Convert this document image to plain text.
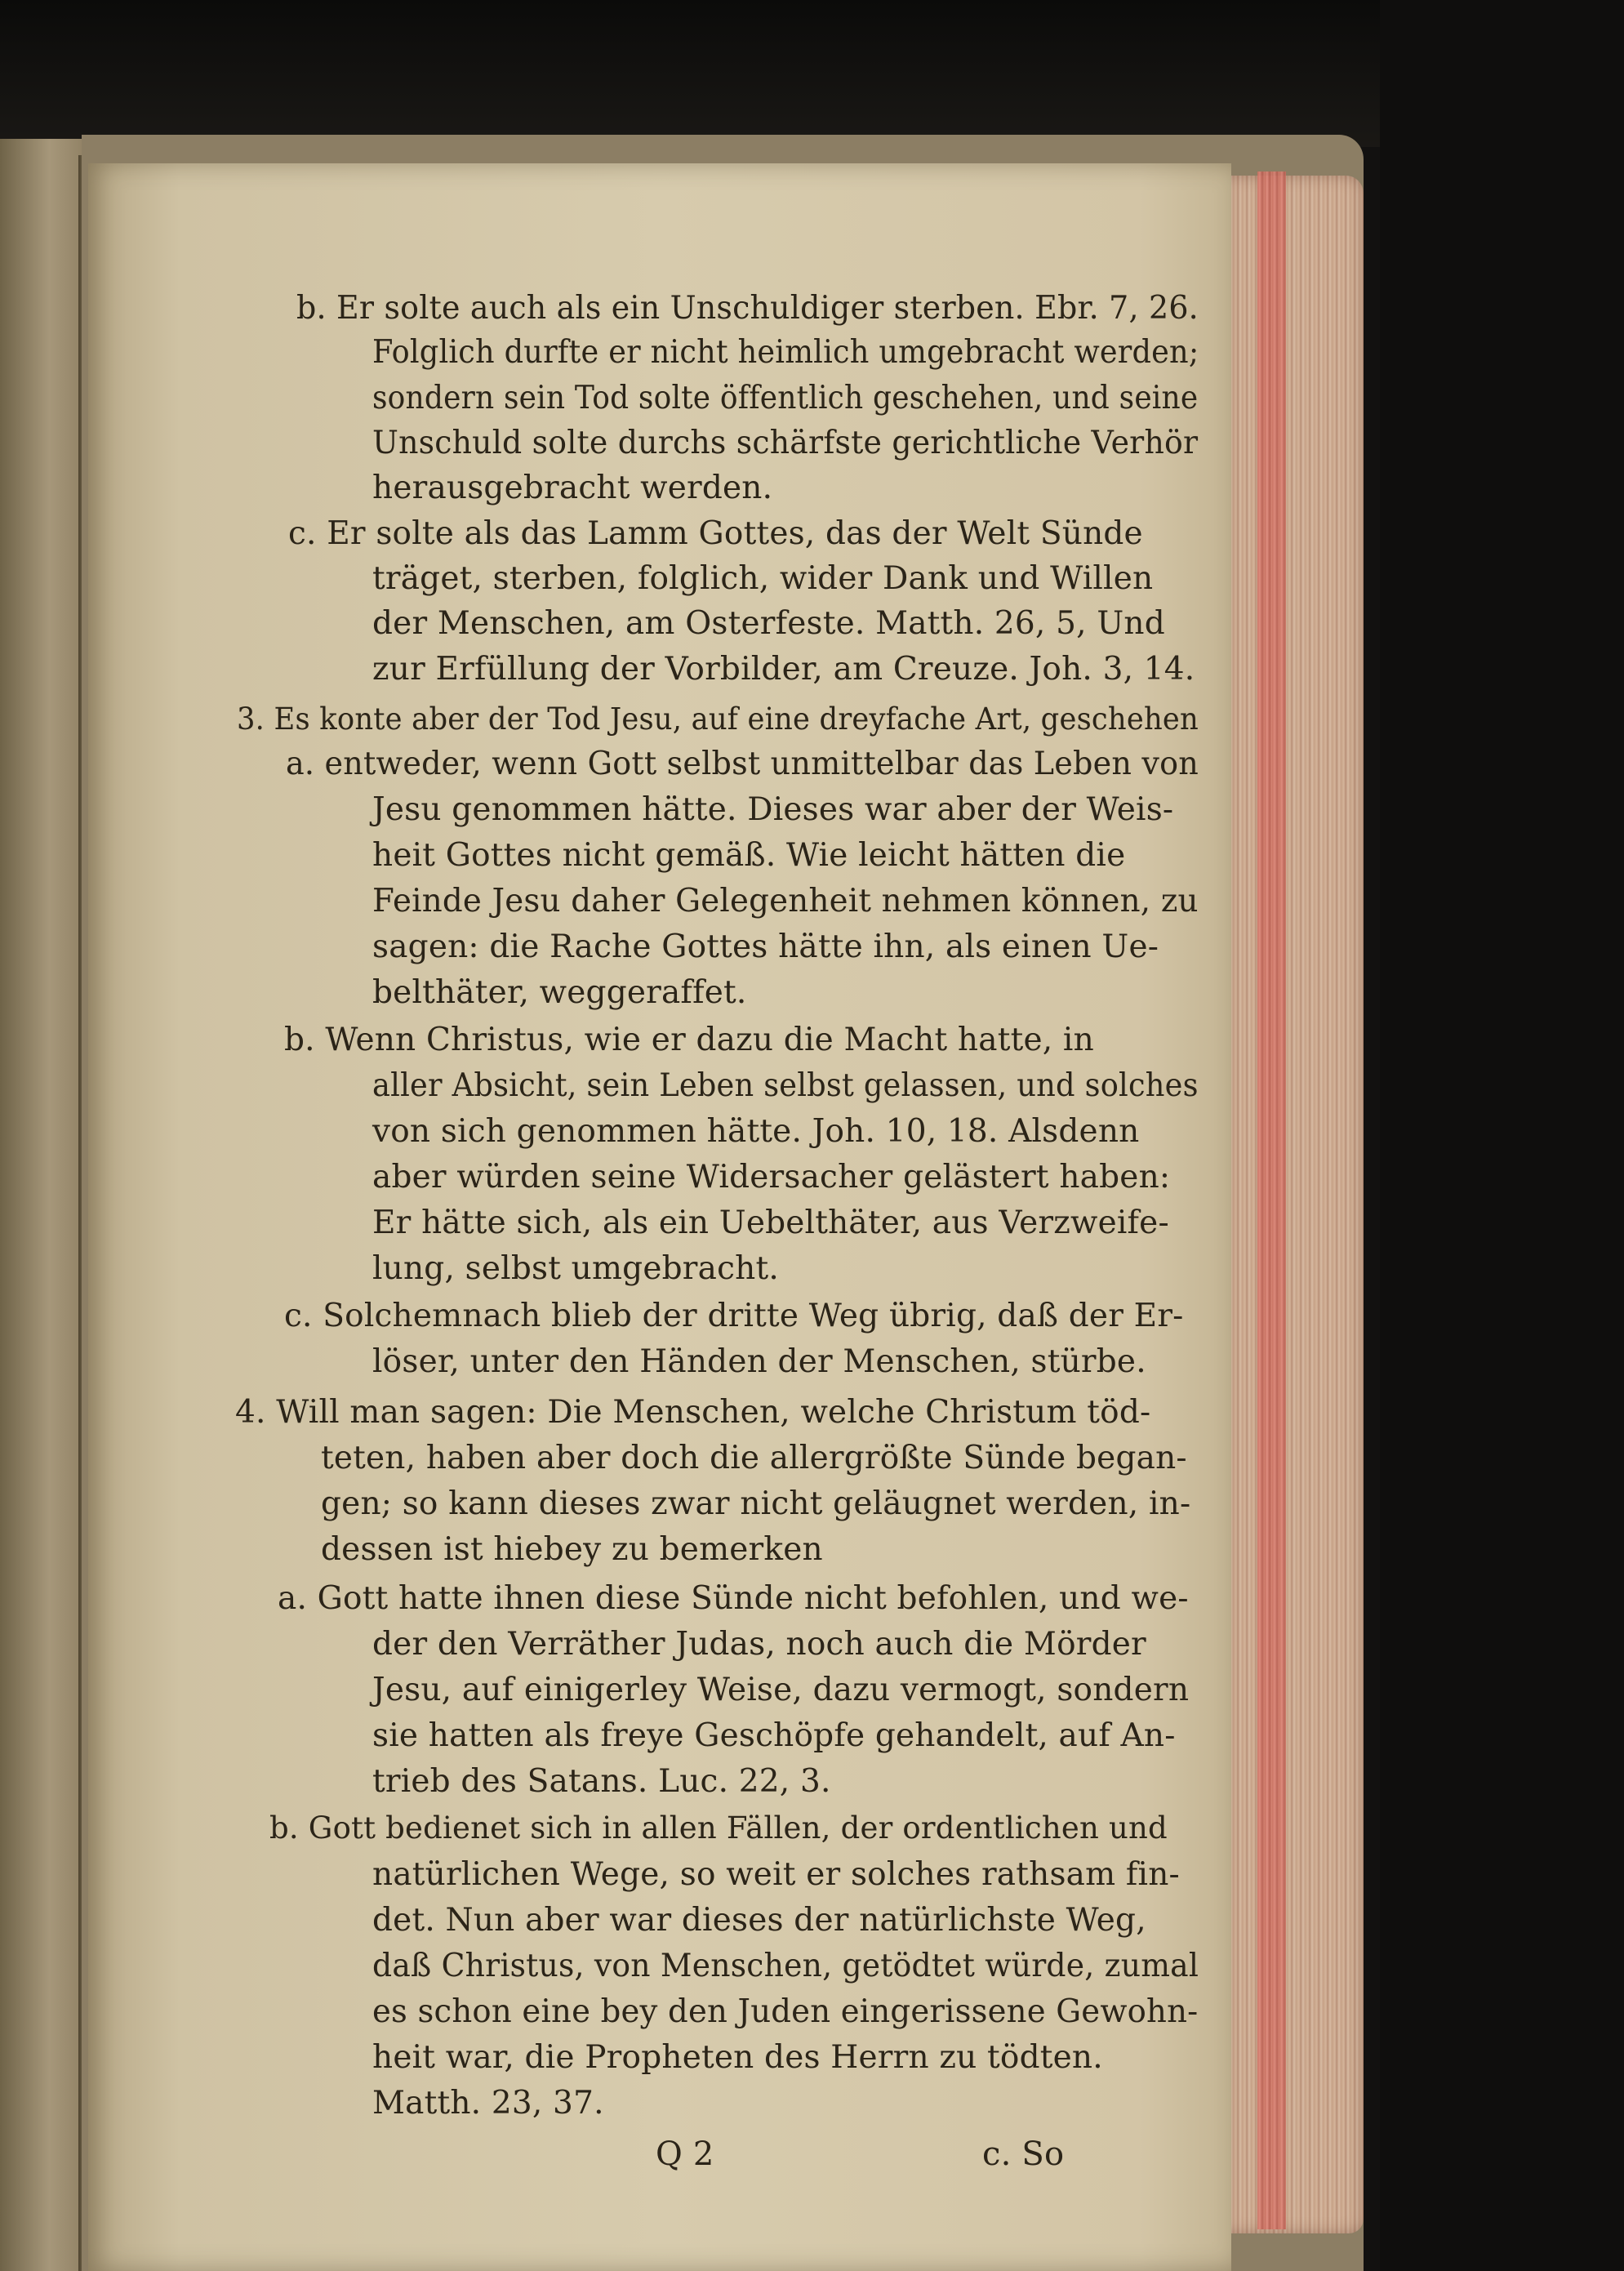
b. Er solte auch als ein Unschuldiger sterben. Ebr. 7, 26.
Folglich durfte er nicht heimlich umgebracht werden;
sondern sein Tod solte öffentlich geschehen, und seine
Unschuld solte durchs schärfste gerichtliche Verhör
herausgebracht werden.
c. Er solte als das Lamm Gottes, das der Welt Sünde
träget, sterben, folglich, wider Dank und Willen
der Menschen, am Osterfeste. Matth. 26, 5, Und
zur Erfüllung der Vorbilder, am Creuze. Joh. 3, 14.
3. Es konte aber der Tod Jesu, auf eine dreyfache Art, geschehen
a. entweder, wenn Gott selbst unmittelbar das Leben von
Jesu genommen hätte. Dieses war aber der Weis-
heit Gottes nicht gemäß. Wie leicht hätten die
Feinde Jesu daher Gelegenheit nehmen können, zu
sagen: die Rache Gottes hätte ihn, als einen Ue-
belthäter, weggeraffet.
b. Wenn Christus, wie er dazu die Macht hatte, in
aller Absicht, sein Leben selbst gelassen, und solches
von sich genommen hätte. Joh. 10, 18. Alsdenn
aber würden seine Widersacher gelästert haben:
Er hätte sich, als ein Uebelthäter, aus Verzweife-
lung, selbst umgebracht.
c. Solchemnach blieb der dritte Weg übrig, daß der Er-
löser, unter den Händen der Menschen, stürbe.
4. Will man sagen: Die Menschen, welche Christum töd-
teten, haben aber doch die allergrößte Sünde began-
gen; so kann dieses zwar nicht geläugnet werden, in-
dessen ist hiebey zu bemerken
a. Gott hatte ihnen diese Sünde nicht befohlen, und we-
der den Verräther Judas, noch auch die Mörder
Jesu, auf einigerley Weise, dazu vermogt, sondern
sie hatten als freye Geschöpfe gehandelt, auf An-
trieb des Satans. Luc. 22, 3.
b. Gott bedienet sich in allen Fällen, der ordentlichen und
natürlichen Wege, so weit er solches rathsam fin-
det. Nun aber war dieses der natürlichste Weg,
daß Christus, von Menschen, getödtet würde, zumal
es schon eine bey den Juden eingerissene Gewohn-
heit war, die Propheten des Herrn zu tödten.
Matth. 23, 37.
Q 2	c. So
